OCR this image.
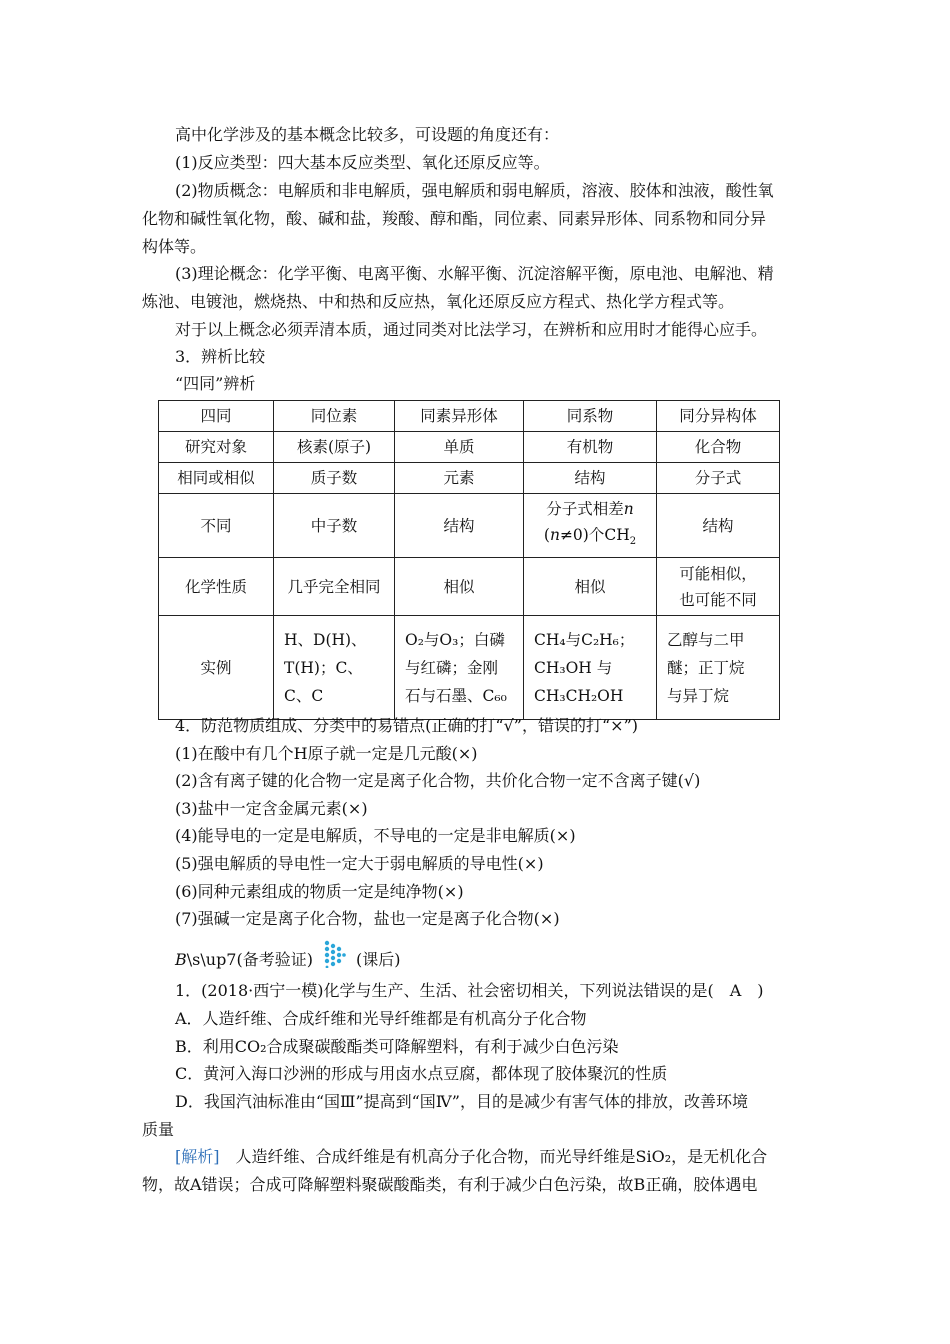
高中化学涉及的基本概念比较多，可设题的角度还有：
(1)反应类型：四大基本反应类型、氧化还原反应等。
(2)物质概念：电解质和非电解质，强电解质和弱电解质，溶液、胶体和浊液，酸性氧
化物和碱性氧化物，酸、碱和盐，羧酸、醇和酯，同位素、同素异形体、同系物和同分异
构体等。
(3)理论概念：化学平衡、电离平衡、水解平衡、沉淀溶解平衡，原电池、电解池、精
炼池、电镀池，燃烧热、中和热和反应热，氧化还原反应方程式、热化学方程式等。
对于以上概念必须弄清本质，通过同类对比法学习，在辨析和应用时才能得心应手。
3．辨析比较
“四同”辨析
四同	同位素	同素异形体	同系物	同分异构体
研究对象	核素(原子)	单质	有机物	化合物
相同或相似	质子数	元素	结构	分子式
不同	中子数	结构	分子式相差n
(n≠0)个$CH_2$	结构
化学性质	几乎完全相同	相似	相似	可能相似，
也可能不同
实例	H、D(H)、
T(H)；C、
C、C	O₂与O₃；白磷
与红磷；金刚
石与石墨、C₆₀	CH₄与C₂H₆；
CH₃OH 与
CH₃CH₂OH	乙醇与二甲
醚；正丁烷
与异丁烷
4．防范物质组成、分类中的易错点(正确的打“√”，错误的打“×”)
(1)在酸中有几个H原子就一定是几元酸(×)
(2)含有离子键的化合物一定是离子化合物，共价化合物一定不含离子键(√)
(3)盐中一定含金属元素(×)
(4)能导电的一定是电解质，不导电的一定是非电解质(×)
(5)强电解质的导电性一定大于弱电解质的导电性(×)
(6)同种元素组成的物质一定是纯净物(×)
(7)强碱一定是离子化合物，盐也一定是离子化合物(×)
B\s\up7(备考验证)	(课后)
1．(2018·西宁一模)化学与生产、生活、社会密切相关，下列说法错误的是(　A　)
A．人造纤维、合成纤维和光导纤维都是有机高分子化合物
B．利用CO₂合成聚碳酸酯类可降解塑料，有利于减少白色污染
C．黄河入海口沙洲的形成与用卤水点豆腐，都体现了胶体聚沉的性质
D．我国汽油标准由“国Ⅲ”提高到“国Ⅳ”，目的是减少有害气体的排放，改善环境
质量
[解析]　人造纤维、合成纤维是有机高分子化合物，而光导纤维是SiO₂，是无机化合
物，故A错误；合成可降解塑料聚碳酸酯类，有利于减少白色污染，故B正确，胶体遇电
